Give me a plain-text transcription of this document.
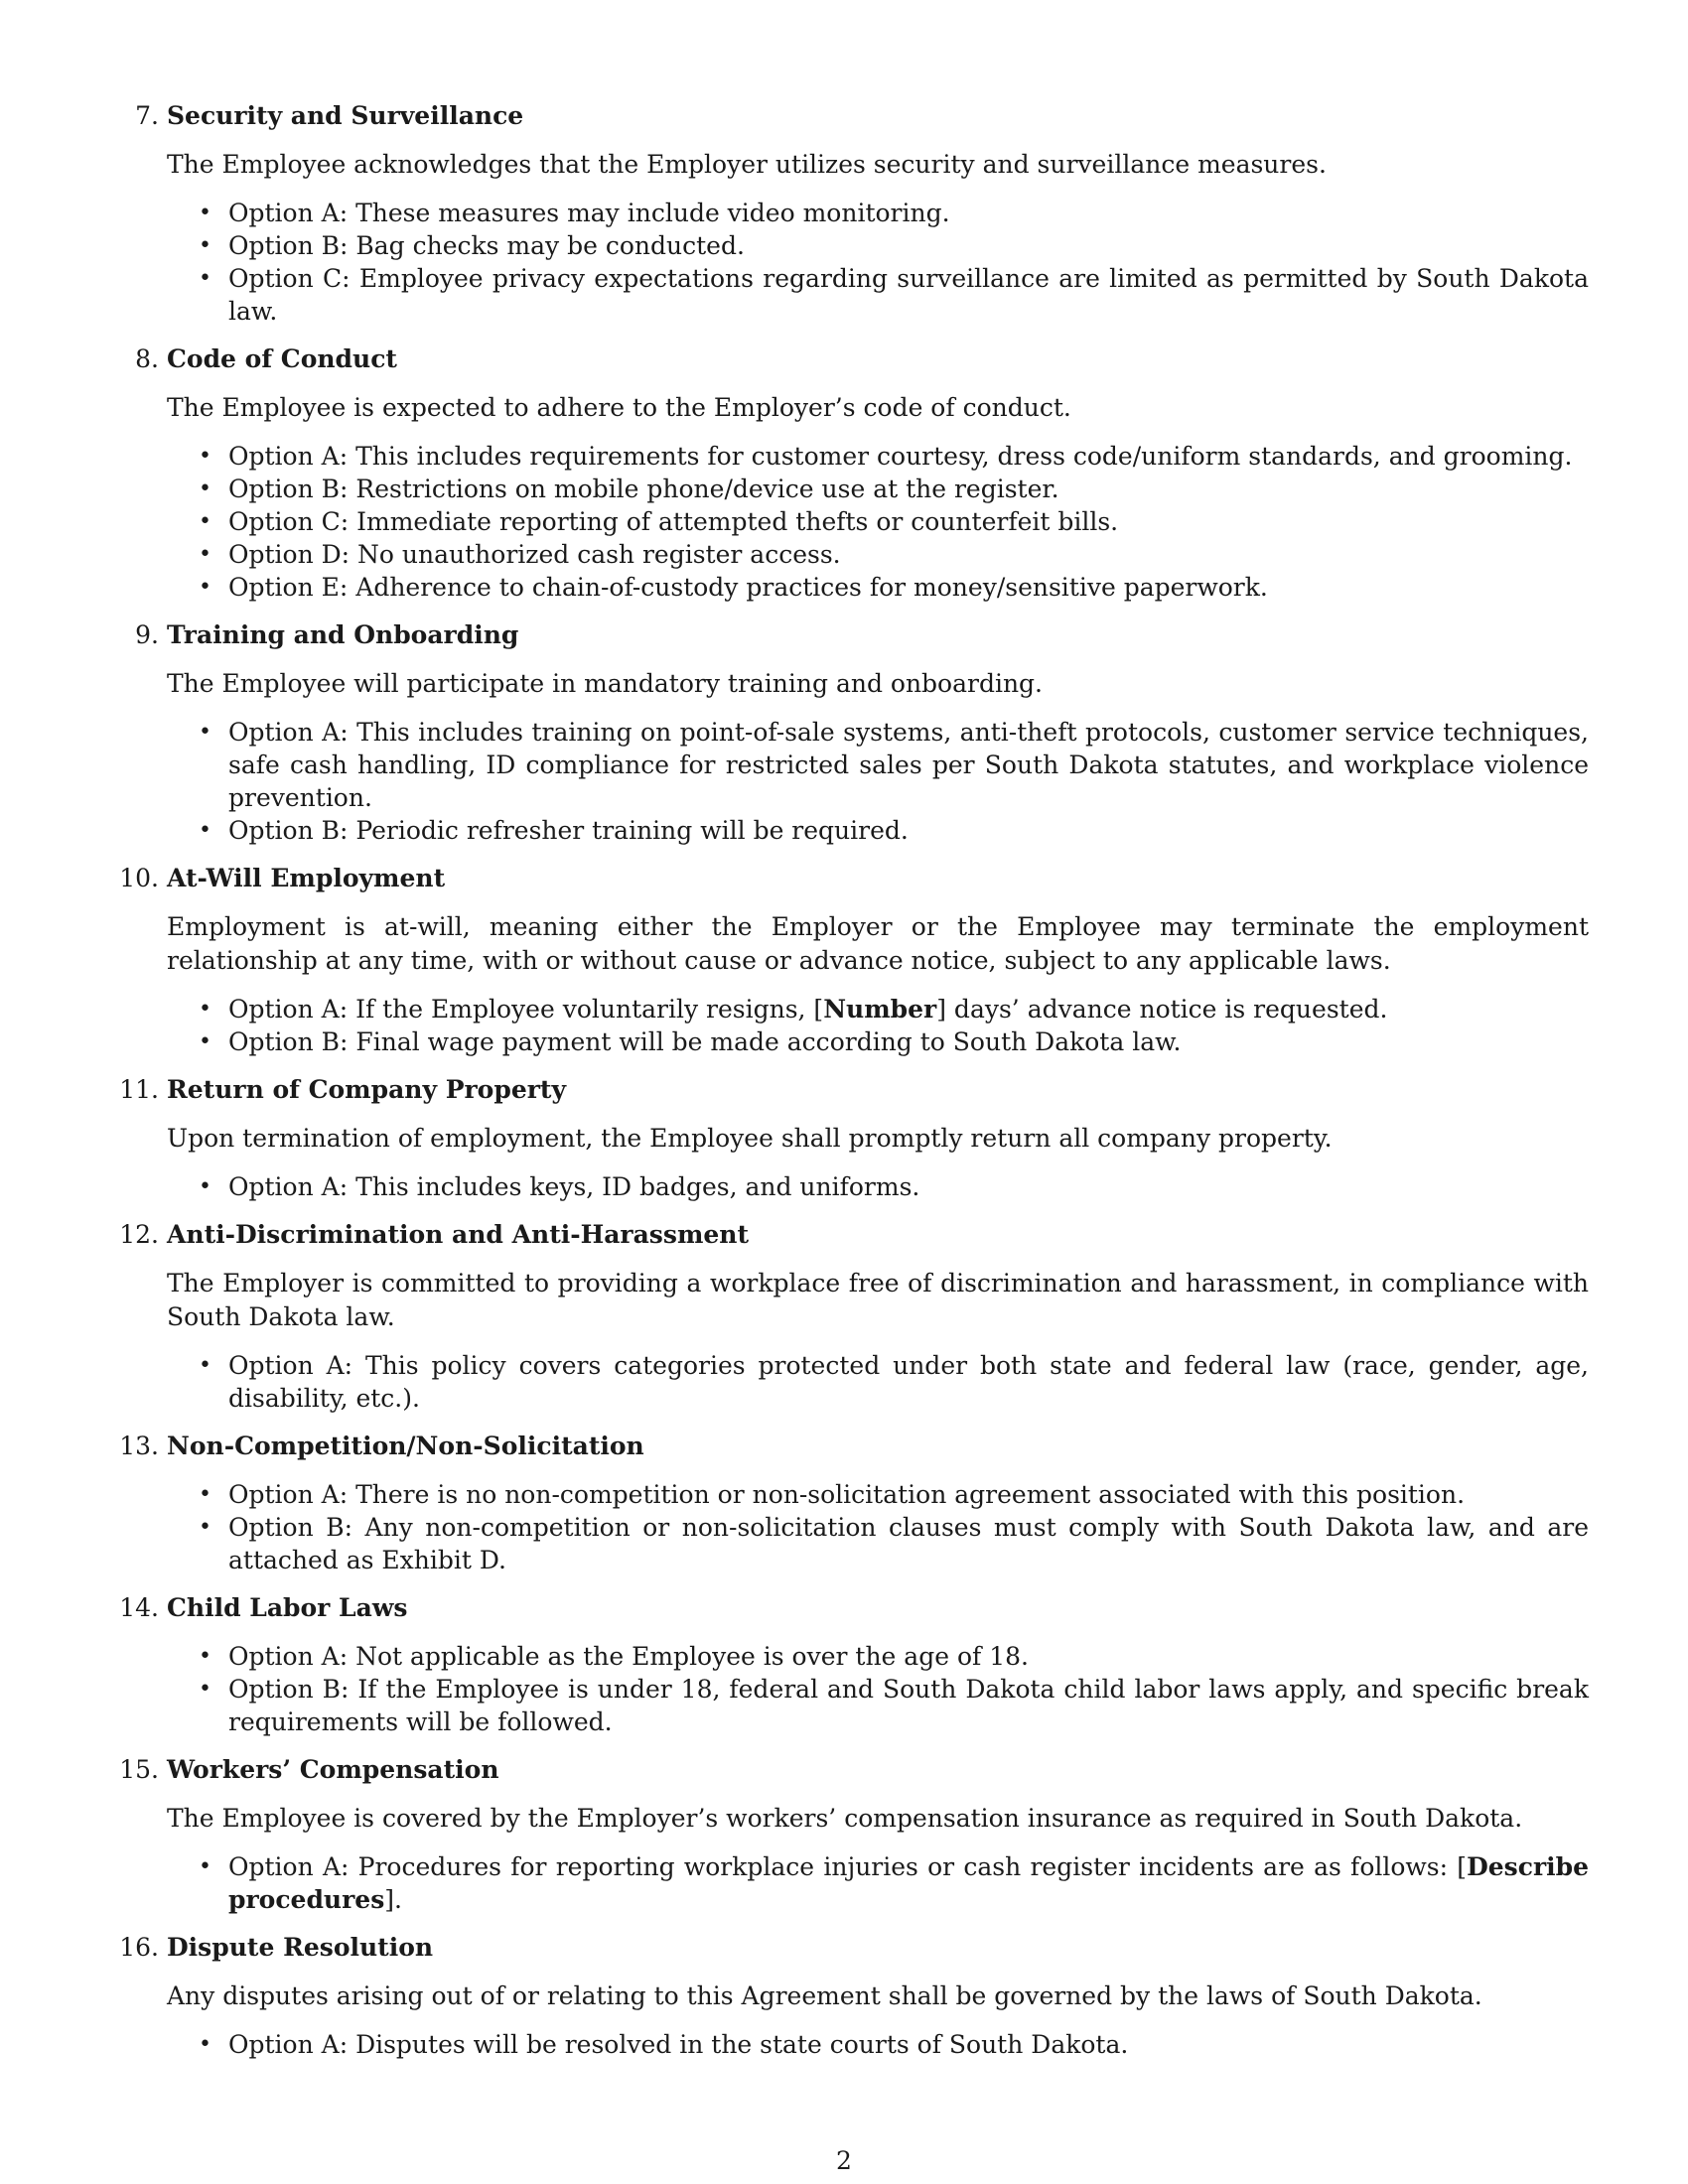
7. Security and Surveillance

The Employee acknowledges that the Employer utilizes security and surveillance measures.

• Option A: These measures may include video monitoring.
• Option B: Bag checks may be conducted.
• Option C: Employee privacy expectations regarding surveillance are limited as permitted by South Dakota law.
8. Code of Conduct

The Employee is expected to adhere to the Employer’s code of conduct.

• Option A: This includes requirements for customer courtesy, dress code/uniform standards, and grooming.
• Option B: Restrictions on mobile phone/device use at the register.
• Option C: Immediate reporting of attempted thefts or counterfeit bills.
• Option D: No unauthorized cash register access.
• Option E: Adherence to chain-of-custody practices for money/sensitive paperwork.
9. Training and Onboarding

The Employee will participate in mandatory training and onboarding.

• Option A: This includes training on point-of-sale systems, anti-theft protocols, customer service techniques, safe cash handling, ID compliance for restricted sales per South Dakota statutes, and workplace violence prevention.
• Option B: Periodic refresher training will be required.
10. At-Will Employment

Employment is at-will, meaning either the Employer or the Employee may terminate the employment relationship at any time, with or without cause or advance notice, subject to any applicable laws.

• Option A: If the Employee voluntarily resigns, [Number] days’ advance notice is requested.
• Option B: Final wage payment will be made according to South Dakota law.
11. Return of Company Property

Upon termination of employment, the Employee shall promptly return all company property.

• Option A: This includes keys, ID badges, and uniforms.
12. Anti-Discrimination and Anti-Harassment

The Employer is committed to providing a workplace free of discrimination and harassment, in compliance with South Dakota law.

• Option A: This policy covers categories protected under both state and federal law (race, gender, age, disability, etc.).
13. Non-Competition/Non-Solicitation
• Option A: There is no non-competition or non-solicitation agreement associated with this position.
• Option B: Any non-competition or non-solicitation clauses must comply with South Dakota law, and are attached as Exhibit D.
14. Child Labor Laws
• Option A: Not applicable as the Employee is over the age of 18.
• Option B: If the Employee is under 18, federal and South Dakota child labor laws apply, and specific break requirements will be followed.
15. Workers’ Compensation

The Employee is covered by the Employer’s workers’ compensation insurance as required in South Dakota.

• Option A: Procedures for reporting workplace injuries or cash register incidents are as follows: [Describe procedures].
16. Dispute Resolution

Any disputes arising out of or relating to this Agreement shall be governed by the laws of South Dakota.

• Option A: Disputes will be resolved in the state courts of South Dakota.
2
